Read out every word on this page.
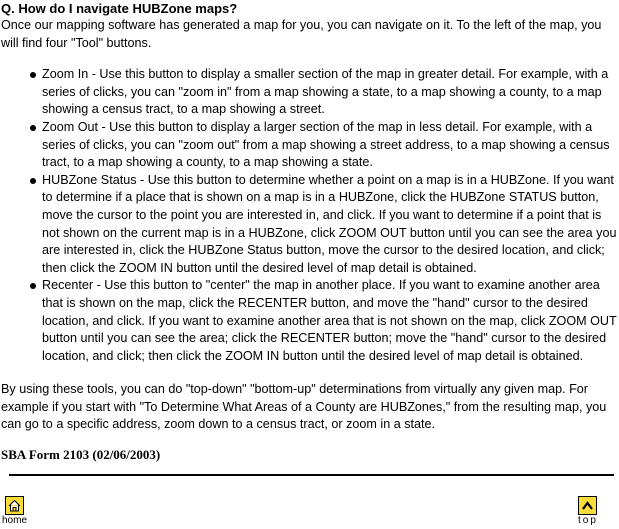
Q. How do I navigate HUBZone maps?

Once our mapping software has generated a map for you, you can navigate on it. To the left of the map, you will find four "Tool" buttons.

Zoom In - Use this button to display a smaller section of the map in greater detail. For example, with a series of clicks, you can "zoom in" from a map showing a state, to a map showing a county, to a map showing a census tract, to a map showing a street.
Zoom Out - Use this button to display a larger section of the map in less detail. For example, with a series of clicks, you can "zoom out" from a map showing a street address, to a map showing a census tract, to a map showing a county, to a map showing a state.
HUBZone Status - Use this button to determine whether a point on a map is in a HUBZone. If you want to determine if a place that is shown on a map is in a HUBZone, click the HUBZone STATUS button, move the cursor to the point you are interested in, and click. If you want to determine if a point that is not shown on the current map is in a HUBZone, click ZOOM OUT button until you can see the area you are interested in, click the HUBZone Status button, move the cursor to the desired location, and click; then click the ZOOM IN button until the desired level of map detail is obtained.
Recenter - Use this button to "center" the map in another place. If you want to examine another area that is shown on the map, click the RECENTER button, and move the "hand" cursor to the desired location, and click. If you want to examine another area that is not shown on the map, click ZOOM OUT button until you can see the area; click the RECENTER button; move the "hand" cursor to the desired location, and click; then click the ZOOM IN button until the desired level of map detail is obtained.

By using these tools, you can do "top-down" "bottom-up" determinations from virtually any given map. For example if you start with "To Determine What Areas of a County are HUBZones," from the resulting map, you can go to a specific address, zoom down to a census tract, or zoom in a state.

SBA Form 2103 (02/06/2003)

home	top
